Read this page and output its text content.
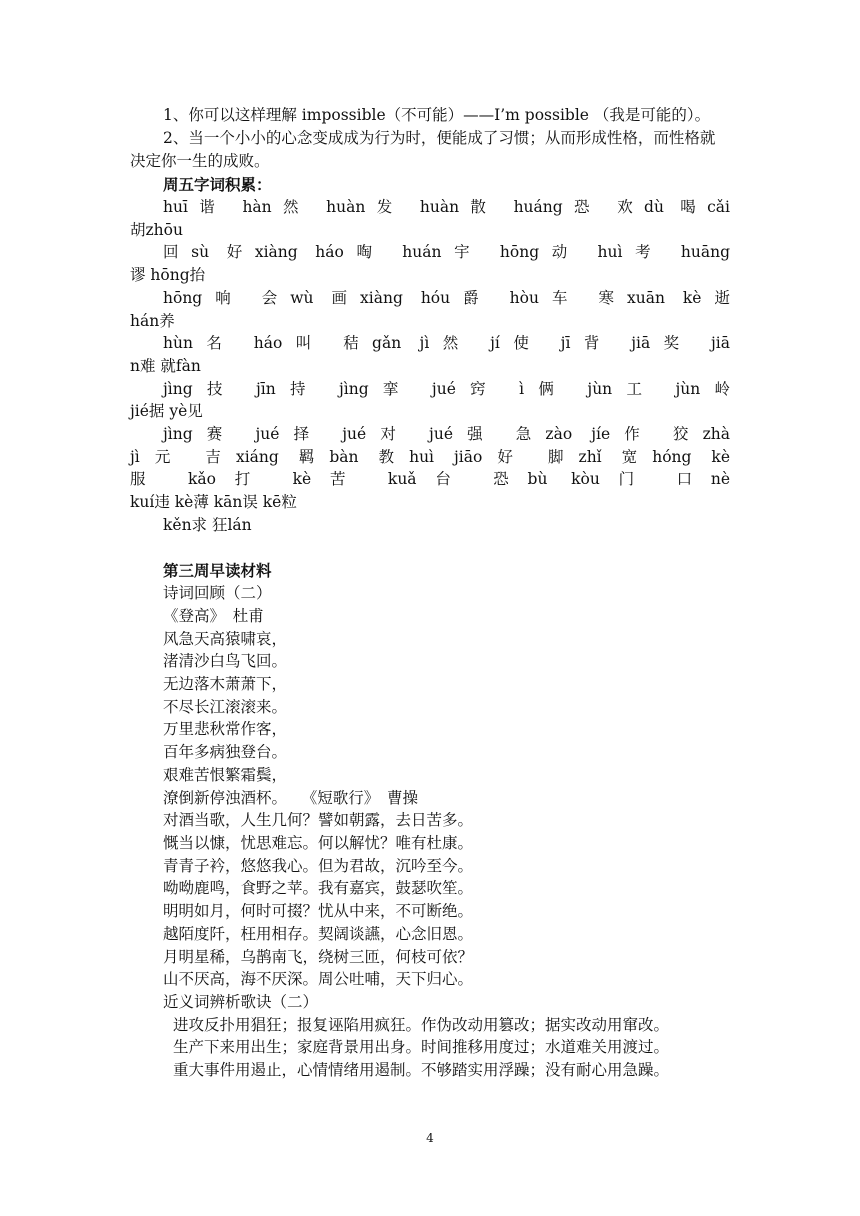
1、你可以这样理解 impossible（不可能）——I’m possible （我是可能的）。

2、当一个小小的心念变成成为行为时，便能成了习惯；从而形成性格，而性格就决定你一生的成败。

周五字词积累：

huī谐 hàn然 huàn发 huàn散 huáng恐 欢dù 喝cǎi

胡zhōu

回sù 好xiàng háo啕 huán宇 hōng动 huì考 huāng

谬 hōng抬

hōng响 会wù 画xiàng hóu爵 hòu车 寒xuān kè逝

hán养

hùn名 háo叫 秸gǎn jì然 jí使 jī背 jiā奖 jiā

n难 就fàn

jìng技 jīn持 jìng挛 jué窍 ì俩 jùn工 jùn岭

jié据 yè见

jìng赛 jué择 jué对 jué强 急zào jíe作 狡zhà

jì元 吉xiáng 羁bàn 教huì jiāo好 脚zhǐ 宽hóng kè

服 kǎo打 kè苦 kuǎ台 恐bù kòu门 口nè

kuí违 kè薄 kān误 kē粒

kěn求 狂lán

第三周早读材料
诗词回顾（二）
《登高》　杜甫
风急天高猿啸哀，
渚清沙白鸟飞回。
无边落木萧萧下，
不尽长江滚滚来。
万里悲秋常作客，
百年多病独登台。
艰难苦恨繁霜鬓，
潦倒新停浊酒杯。 《短歌行》　曹操
对酒当歌，人生几何？譬如朝露，去日苦多。
慨当以慷，忧思难忘。何以解忧？唯有杜康。
青青子衿，悠悠我心。但为君故，沉吟至今。
呦呦鹿鸣，食野之苹。我有嘉宾，鼓瑟吹笙。
明明如月，何时可掇？忧从中来，不可断绝。
越陌度阡，枉用相存。契阔谈讌，心念旧恩。
月明星稀，乌鹊南飞，绕树三匝，何枝可依？
山不厌高，海不厌深。周公吐哺，天下归心。
近义词辨析歌诀（二）
进攻反扑用猖狂；报复诬陷用疯狂。作伪改动用篡改；据实改动用窜改。
生产下来用出生；家庭背景用出身。时间推移用度过；水道难关用渡过。
重大事件用遏止，心情情绪用遏制。不够踏实用浮躁；没有耐心用急躁。
4
